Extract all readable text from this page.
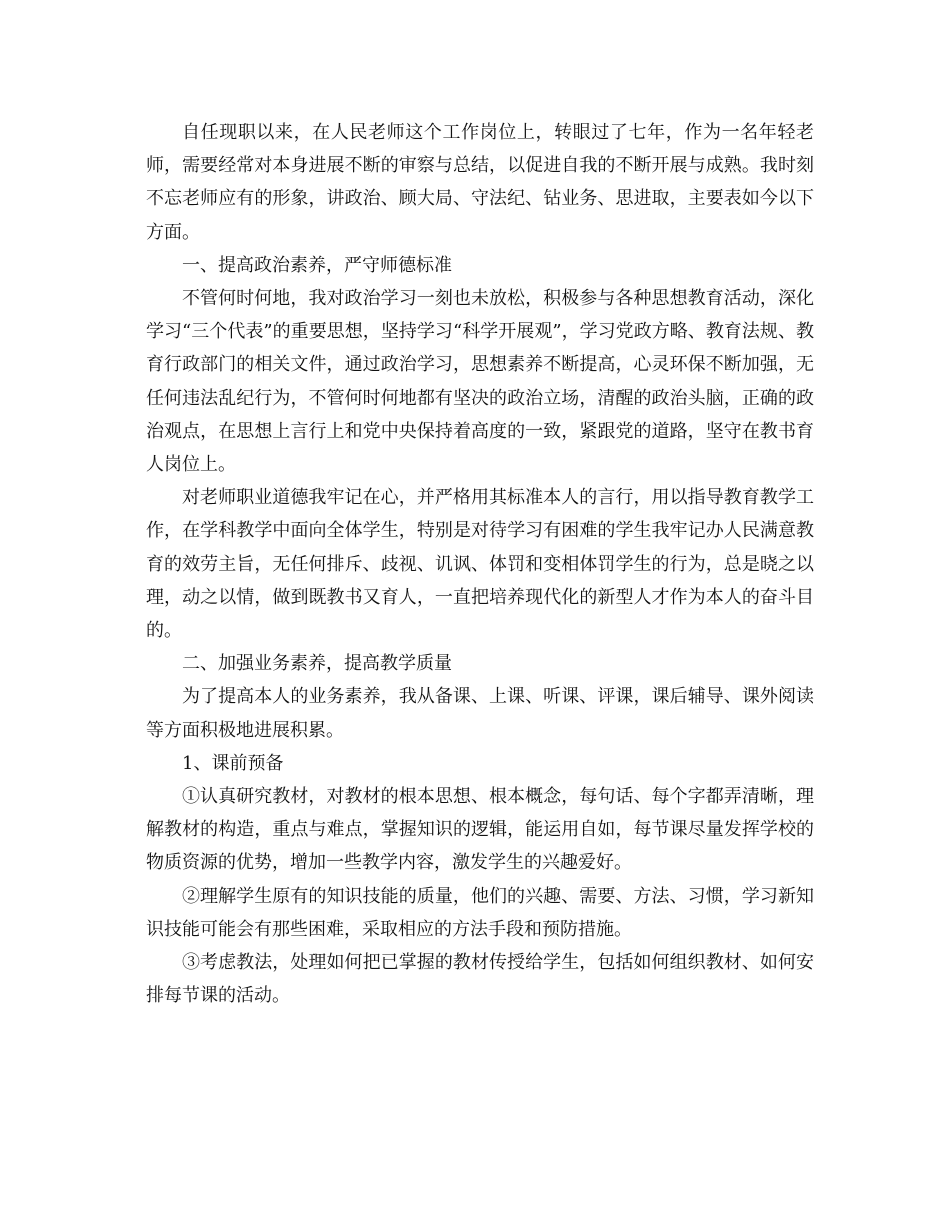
自任现职以来，在人民老师这个工作岗位上，转眼过了七年，作为一名年轻老师，需要经常对本身进展不断的审察与总结，以促进自我的不断开展与成熟。我时刻不忘老师应有的形象，讲政治、顾大局、守法纪、钻业务、思进取，主要表如今以下方面。

一、提高政治素养，严守师德标准

不管何时何地，我对政治学习一刻也未放松，积极参与各种思想教育活动，深化学习“三个代表”的重要思想，坚持学习“科学开展观”，学习党政方略、教育法规、教育行政部门的相关文件，通过政治学习，思想素养不断提高，心灵环保不断加强，无任何违法乱纪行为，不管何时何地都有坚决的政治立场，清醒的政治头脑，正确的政治观点，在思想上言行上和党中央保持着高度的一致，紧跟党的道路，坚守在教书育人岗位上。

对老师职业道德我牢记在心，并严格用其标准本人的言行，用以指导教育教学工作，在学科教学中面向全体学生，特别是对待学习有困难的学生我牢记办人民满意教育的效劳主旨，无任何排斥、歧视、讥讽、体罚和变相体罚学生的行为，总是晓之以理，动之以情，做到既教书又育人，一直把培养现代化的新型人才作为本人的奋斗目的。

二、加强业务素养，提高教学质量

为了提高本人的业务素养，我从备课、上课、听课、评课，课后辅导、课外阅读等方面积极地进展积累。

1、课前预备

①认真研究教材，对教材的根本思想、根本概念，每句话、每个字都弄清晰，理解教材的构造，重点与难点，掌握知识的逻辑，能运用自如，每节课尽量发挥学校的物质资源的优势，增加一些教学内容，激发学生的兴趣爱好。

②理解学生原有的知识技能的质量，他们的兴趣、需要、方法、习惯，学习新知识技能可能会有那些困难，采取相应的方法手段和预防措施。

③考虑教法，处理如何把已掌握的教材传授给学生，包括如何组织教材、如何安排每节课的活动。
